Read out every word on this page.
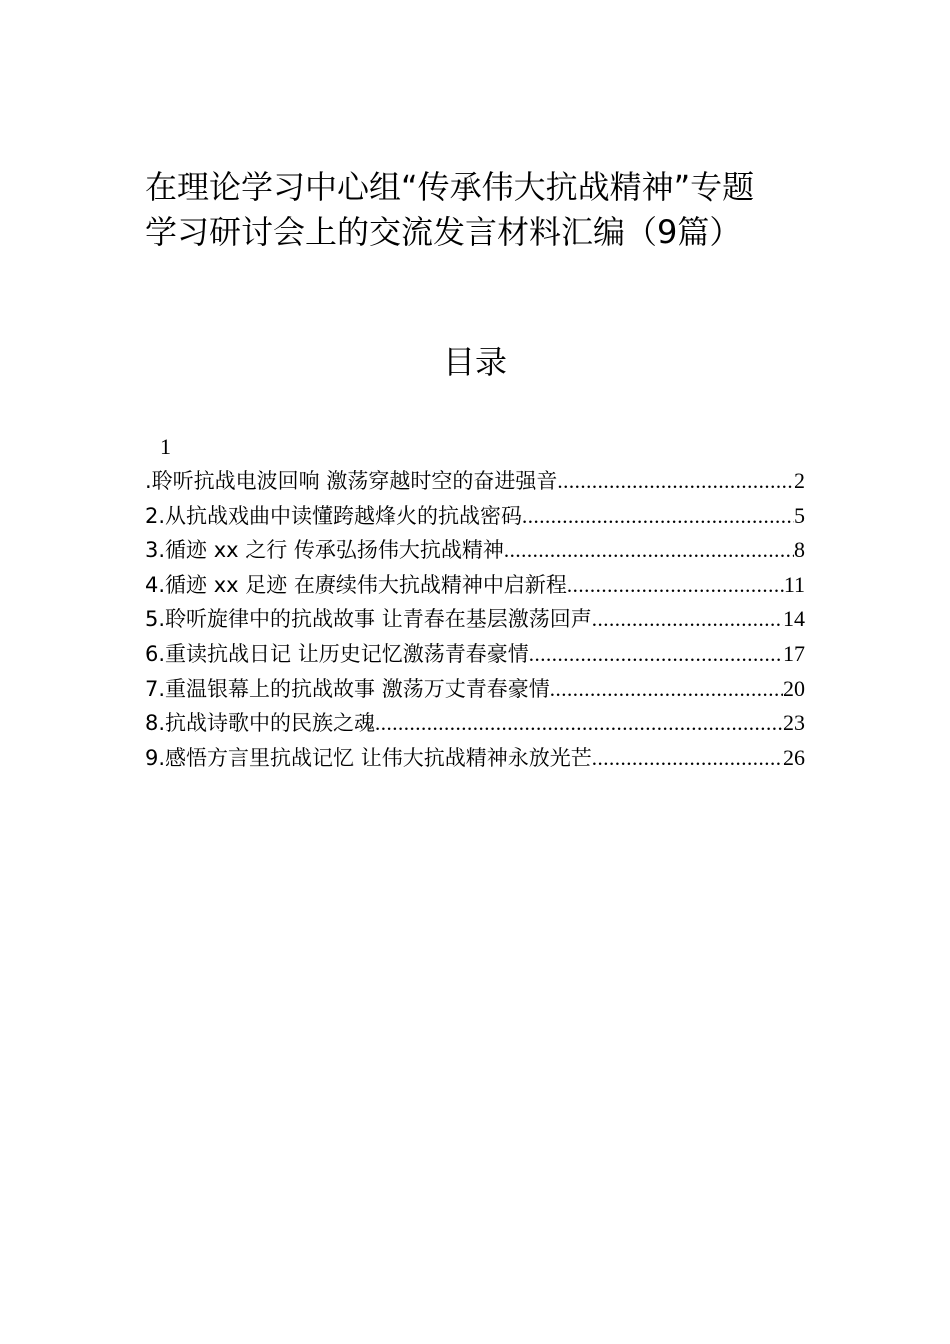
在理论学习中心组“传承伟大抗战精神”专题
学习研讨会上的交流发言材料汇编（9篇）
目录
1
.聆听抗战电波回响 激荡穿越时空的奋进强音 .....	2
2.从抗战戏曲中读懂跨越烽火的抗战密码 .....	5
3.循迹 xx 之行 传承弘扬伟大抗战精神 .....	8
4.循迹 xx 足迹 在赓续伟大抗战精神中启新程 .....	11
5.聆听旋律中的抗战故事 让青春在基层激荡回声 .....	14
6.重读抗战日记 让历史记忆激荡青春豪情 .....	17
7.重温银幕上的抗战故事 激荡万丈青春豪情 .....	20
8.抗战诗歌中的民族之魂 .....	23
9.感悟方言里抗战记忆 让伟大抗战精神永放光芒 .....	26
